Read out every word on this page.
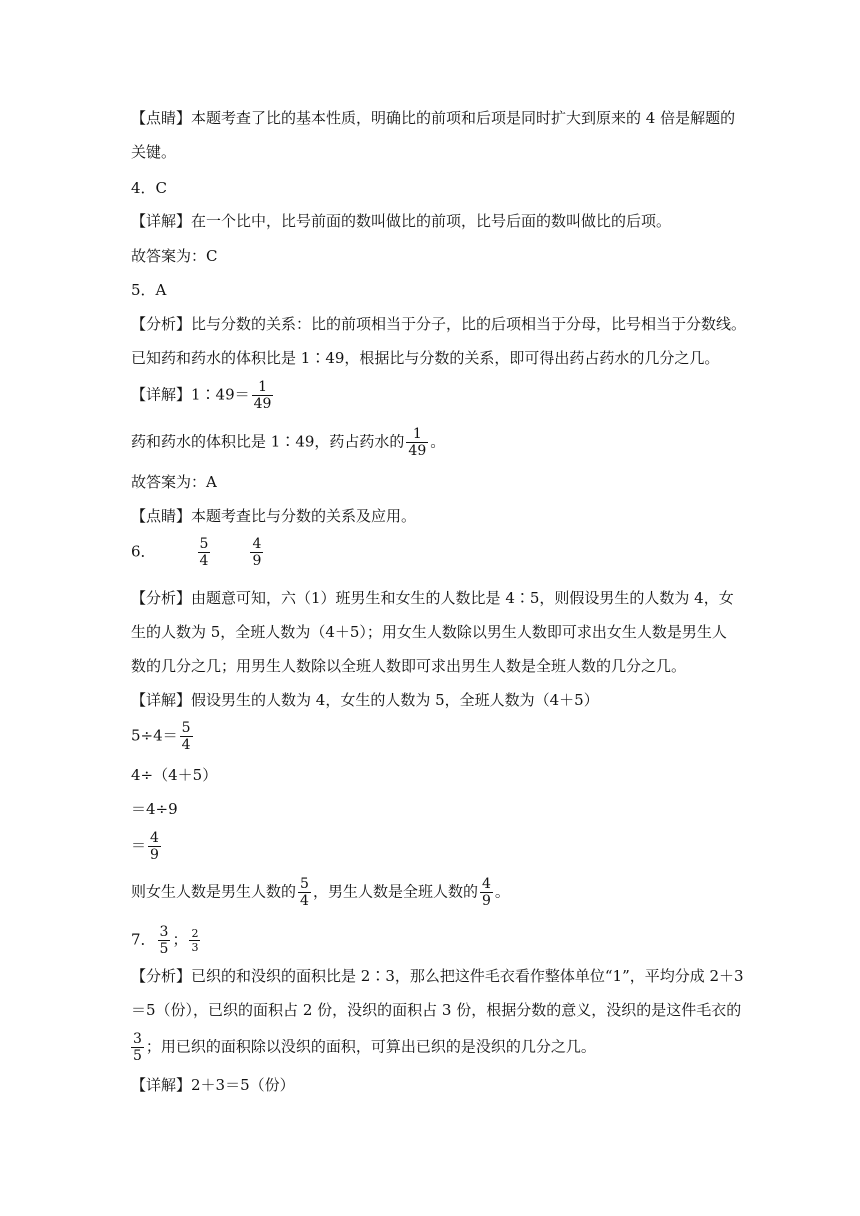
【点睛】本题考查了比的基本性质，明确比的前项和后项是同时扩大到原来的 4 倍是解题的
关键。
4．C
【详解】在一个比中，比号前面的数叫做比的前项，比号后面的数叫做比的后项。
故答案为：C
5．A
【分析】比与分数的关系：比的前项相当于分子，比的后项相当于分母，比号相当于分数线。
已知药和药水的体积比是 1∶49，根据比与分数的关系，即可得出药占药水的几分之几。
【详解】1∶49＝ $\frac{1}{49}$
药和药水的体积比是 1∶49，药占药水的 $\frac{1}{49}$ 。
故答案为：A
【点睛】本题考查比与分数的关系及应用。
6．	$\frac{5}{4}$	$\frac{4}{9}$
【分析】由题意可知，六（1）班男生和女生的人数比是 4∶5，则假设男生的人数为 4，女
生的人数为 5，全班人数为（4＋5）；用女生人数除以男生人数即可求出女生人数是男生人
数的几分之几；用男生人数除以全班人数即可求出男生人数是全班人数的几分之几。
【详解】假设男生的人数为 4，女生的人数为 5，全班人数为（4＋5）
$5\div 4= \frac{5}{4}$
4÷（4＋5）
＝4÷9
＝ $\frac{4}{9}$
则女生人数是男生人数的 $\frac{5}{4}$ ，男生人数是全班人数的 $\frac{4}{9}$ 。
7． $\frac{3}{5}$ ； $\frac{2}{3}$
【分析】已织的和没织的面积比是 2∶3，那么把这件毛衣看作整体单位“1”，平均分成 2＋3
＝5（份），已织的面积占 2 份，没织的面积占 3 份，根据分数的意义，没织的是这件毛衣的
$\frac{3}{5}$ ；用已织的面积除以没织的面积，可算出已织的是没织的几分之几。
【详解】2＋3＝5（份）
